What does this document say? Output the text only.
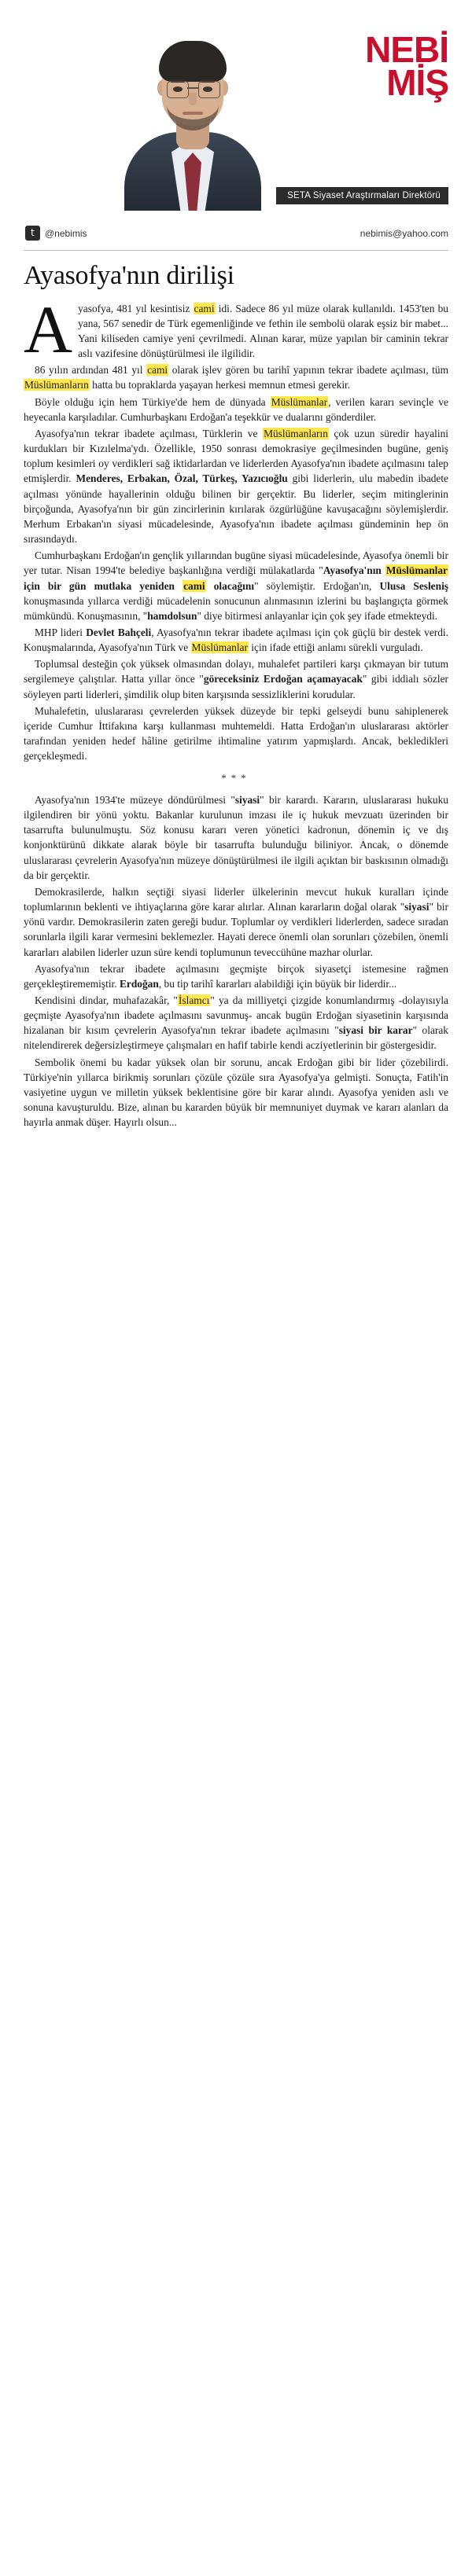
NEBİ
MİŞ
SETA Siyaset Araştırmaları Direktörü
t	@nebimis	nebimis@yahoo.com
Ayasofya'nın dirilişi

A yasofya, 481 yıl kesintisiz cami idi. Sadece 86 yıl müze olarak kullanıldı. 1453'ten bu yana, 567 senedir de Türk egemenliğinde ve fethin ile sembolü olarak eşsiz bir mabet... Yani kiliseden camiye yeni çevrilmedi. Alınan karar, müze yapılan bir caminin tekrar aslı vazifesine dönüştürülmesi ile ilgilidir.

86 yılın ardından 481 yıl cami olarak işlev gören bu tarihî yapının tekrar ibadete açılması, tüm Müslümanların hatta bu topraklarda yaşayan herkesi memnun etmesi gerekir.

Böyle olduğu için hem Türkiye'de hem de dünyada Müslümanlar, verilen kararı sevinçle ve heyecanla karşıladılar. Cumhurbaşkanı Erdoğan'a teşekkür ve dualarını gönderdiler.

Ayasofya'nın tekrar ibadete açılması, Türklerin ve Müslümanların çok uzun süredir hayalini kurdukları bir Kızılelma'ydı. Özellikle, 1950 sonrası demokrasiye geçilmesinden bugüne, geniş toplum kesimleri oy verdikleri sağ iktidarlardan ve liderlerden Ayasofya'nın ibadete açılmasını talep etmişlerdir. Menderes, Erbakan, Özal, Türkeş, Yazıcıoğlu gibi liderlerin, ulu mabedin ibadete açılması yönünde hayallerinin olduğu bilinen bir gerçektir. Bu liderler, seçim mitinglerinin birçoğunda, Ayasofya'nın bir gün zincirlerinin kırılarak özgürlüğüne kavuşacağını söylemişlerdir. Merhum Erbakan'ın siyasi mücadelesinde, Ayasofya'nın ibadete açılması gündeminin hep ön sırasındaydı.

Cumhurbaşkanı Erdoğan'ın gençlik yıllarından bugüne siyasi mücadelesinde, Ayasofya önemli bir yer tutar. Nisan 1994'te belediye başkanlığına verdiği mülakatlarda "Ayasofya'nın Müslümanlar için bir gün mutlaka yeniden cami olacağını" söylemiştir. Erdoğan'ın, Ulusa Sesleniş konuşmasında yıllarca verdiği mücadelenin sonucunun alınmasının izlerini bu başlangıçta görmek mümkündü. Konuşmasının, "hamdolsun" diye bitirmesi anlayanlar için çok şey ifade etmekteydi.

MHP lideri Devlet Bahçeli, Ayasofya'nın tekrar ibadete açılması için çok güçlü bir destek verdi. Konuşmalarında, Ayasofya'nın Türk ve Müslümanlar için ifade ettiği anlamı sürekli vurguladı.

Toplumsal desteğin çok yüksek olmasından dolayı, muhalefet partileri karşı çıkmayan bir tutum sergilemeye çalıştılar. Hatta yıllar önce "göreceksiniz Erdoğan açamayacak" gibi iddialı sözler söyleyen parti liderleri, şimdilik olup biten karşısında sessizliklerini korudular.

Muhalefetin, uluslararası çevrelerden yüksek düzeyde bir tepki gelseydi bunu sahiplenerek içeride Cumhur İttifakına karşı kullanması muhtemeldi. Hatta Erdoğan'ın uluslararası aktörler tarafından yeniden hedef hâline getirilme ihtimaline yatırım yapmışlardı. Ancak, bekledikleri gerçekleşmedi.

***

Ayasofya'nın 1934'te müzeye döndürülmesi "siyasi" bir karardı. Kararın, uluslararası hukuku ilgilendiren bir yönü yoktu. Bakanlar kurulunun imzası ile iç hukuk mevzuatı üzerinden bir tasarrufta bulunulmuştu. Söz konusu kararı veren yönetici kadronun, dönemin iç ve dış konjonktürünü dikkate alarak böyle bir tasarrufta bulunduğu biliniyor. Ancak, o dönemde uluslararası çevrelerin Ayasofya'nın müzeye dönüştürülmesi ile ilgili açıktan bir baskısının olmadığı da bir gerçektir.

Demokrasilerde, halkın seçtiği siyasi liderler ülkelerinin mevcut hukuk kuralları içinde toplumlarının beklenti ve ihtiyaçlarına göre karar alırlar. Alınan kararların doğal olarak "siyasi" bir yönü vardır. Demokrasilerin zaten gereği budur. Toplumlar oy verdikleri liderlerden, sadece sıradan sorunlarla ilgili karar vermesini beklemezler. Hayati derece önemli olan sorunları çözebilen, önemli kararları alabilen liderler uzun süre kendi toplumunun teveccühüne mazhar olurlar.

Ayasofya'nın tekrar ibadete açılmasını geçmişte birçok siyasetçi istemesine rağmen gerçekleştirememiştir. Erdoğan, bu tip tarihî kararları alabildiği için büyük bir liderdir...

Kendisini dindar, muhafazakâr, "İslamcı" ya da milliyetçi çizgide konumlandırmış -dolayısıyla geçmişte Ayasofya'nın ibadete açılmasını savunmuş- ancak bugün Erdoğan siyasetinin karşısında hizalanan bir kısım çevrelerin Ayasofya'nın tekrar ibadete açılmasını "siyasi bir karar" olarak nitelendirerek değersizleştirmeye çalışmaları en hafif tabirle kendi acziyetlerinin bir göstergesidir.

Sembolik önemi bu kadar yüksek olan bir sorunu, ancak Erdoğan gibi bir lider çözebilirdi. Türkiye'nin yıllarca birikmiş sorunları çözüle çözüle sıra Ayasofya'ya gelmişti. Sonuçta, Fatih'in vasiyetine uygun ve milletin yüksek beklentisine göre bir karar alındı. Ayasofya yeniden aslı ve sonuna kavuşturuldu. Bize, alınan bu kararden büyük bir memnuniyet duymak ve kararı alanları da hayırla anmak düşer. Hayırlı olsun...
